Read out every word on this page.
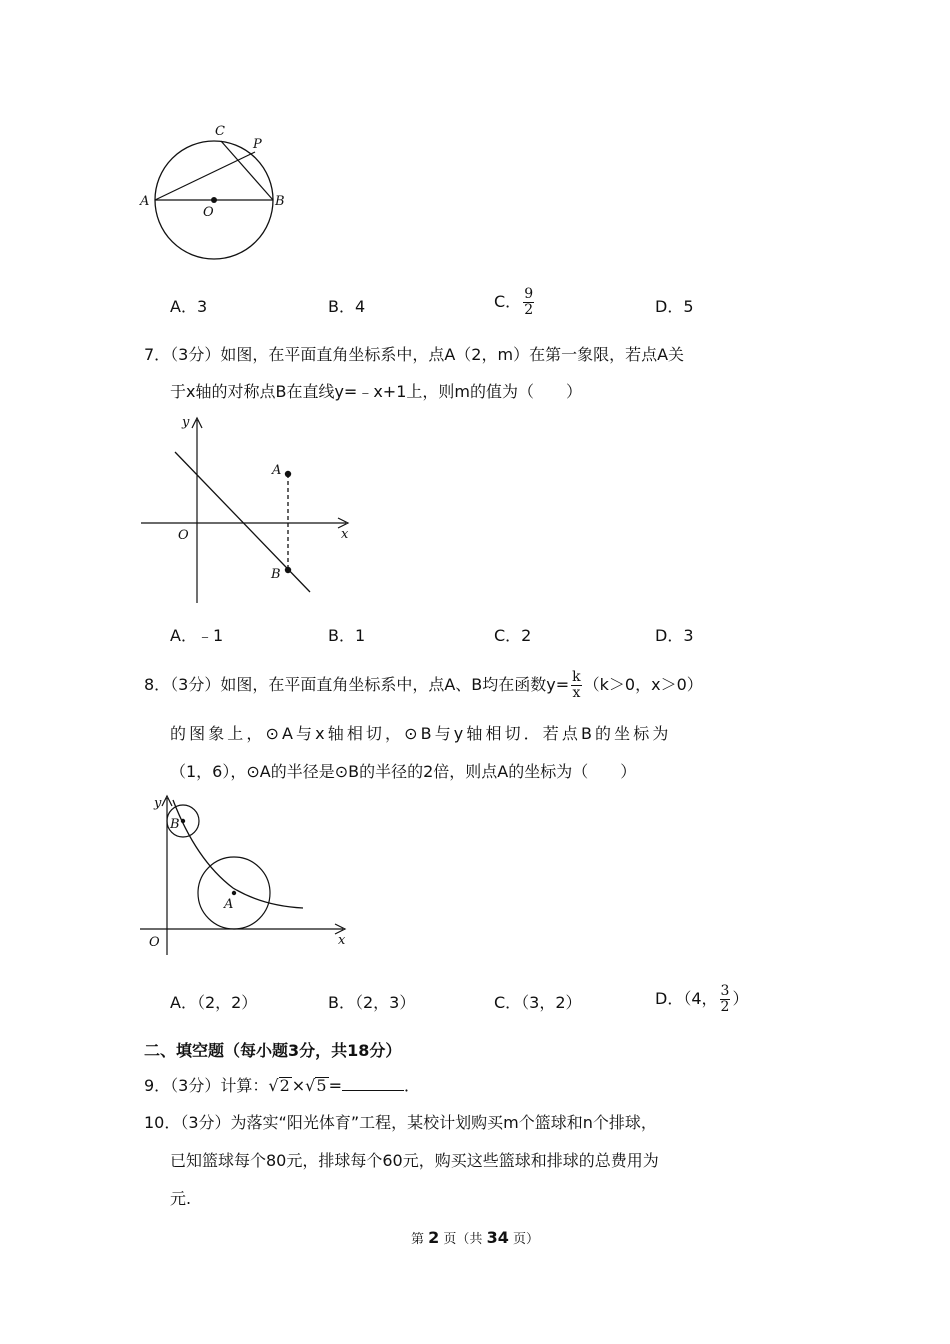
C
P
A
O
B
A．3	B．4	C． $\frac{9}{2}$	D．5
7．（3分）如图，在平面直角坐标系中，点A（2，m）在第一象限，若点A关
于x轴的对称点B在直线y=﹣x+1上，则m的值为（　　）
y
x
O
A
B
A．﹣1	B．1	C．2	D．3
8．（3分）如图，在平面直角坐标系中，点A、B均在函数$y= \frac{k}{x} (k>0$，x＞0）
的图象上，⊙A与x轴相切，⊙B与y轴相切．若点B的坐标为
（1，6），⊙A的半径是⊙B的半径的2倍，则点A的坐标为（　　）
y
x
O
A
B
A．（2，2）	B．（2，3）	C．（3，2）	D．（4， $\frac{3}{2}$ ）
二、填空题（每小题3分，共18分）
9．（3分）计算：√2 ×√5 =	．
10．（3分）为落实“阳光体育”工程，某校计划购买m个篮球和n个排球，
已知篮球每个80元，排球每个60元，购买这些篮球和排球的总费用为
元.
第 2 页（共 34 页）
